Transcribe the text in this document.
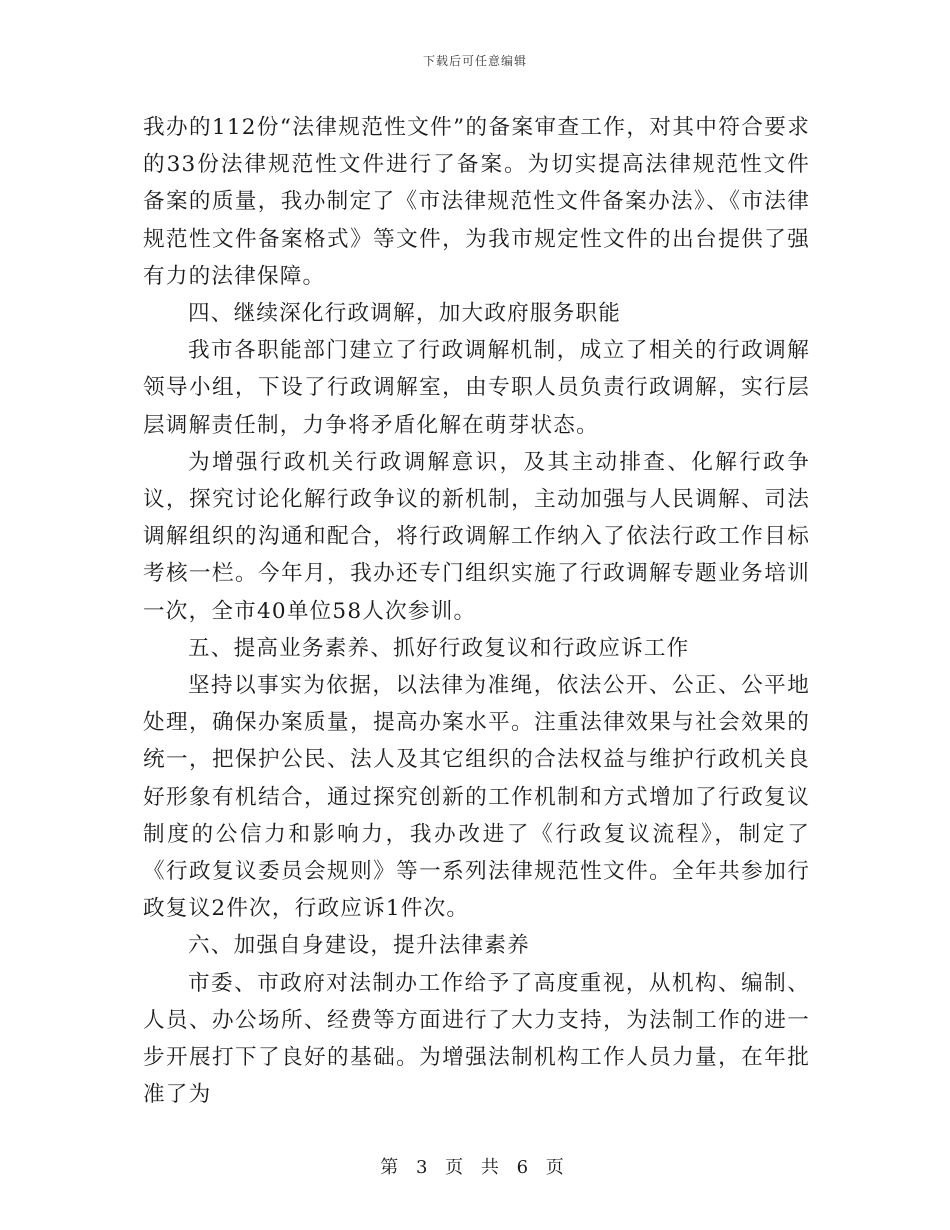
下载后可任意编辑

我办的112份“法律规范性文件”的备案审查工作，对其中符合要求的33份法律规范性文件进行了备案。为切实提高法律规范性文件备案的质量，我办制定了《市法律规范性文件备案办法》、《市法律规范性文件备案格式》等文件，为我市规定性文件的出台提供了强有力的法律保障。

四、继续深化行政调解，加大政府服务职能

我市各职能部门建立了行政调解机制，成立了相关的行政调解领导小组，下设了行政调解室，由专职人员负责行政调解，实行层层调解责任制，力争将矛盾化解在萌芽状态。

为增强行政机关行政调解意识，及其主动排查、化解行政争议，探究讨论化解行政争议的新机制，主动加强与人民调解、司法调解组织的沟通和配合，将行政调解工作纳入了依法行政工作目标考核一栏。今年月，我办还专门组织实施了行政调解专题业务培训一次，全市40单位58人次参训。

五、提高业务素养、抓好行政复议和行政应诉工作

坚持以事实为依据，以法律为准绳，依法公开、公正、公平地处理，确保办案质量，提高办案水平。注重法律效果与社会效果的统一，把保护公民、法人及其它组织的合法权益与维护行政机关良好形象有机结合，通过探究创新的工作机制和方式增加了行政复议制度的公信力和影响力，我办改进了《行政复议流程》，制定了《行政复议委员会规则》等一系列法律规范性文件。全年共参加行政复议2件次，行政应诉1件次。

六、加强自身建设，提升法律素养

市委、市政府对法制办工作给予了高度重视，从机构、编制、人员、办公场所、经费等方面进行了大力支持，为法制工作的进一步开展打下了良好的基础。为增强法制机构工作人员力量，在年批准了为

第 3 页 共 6 页
